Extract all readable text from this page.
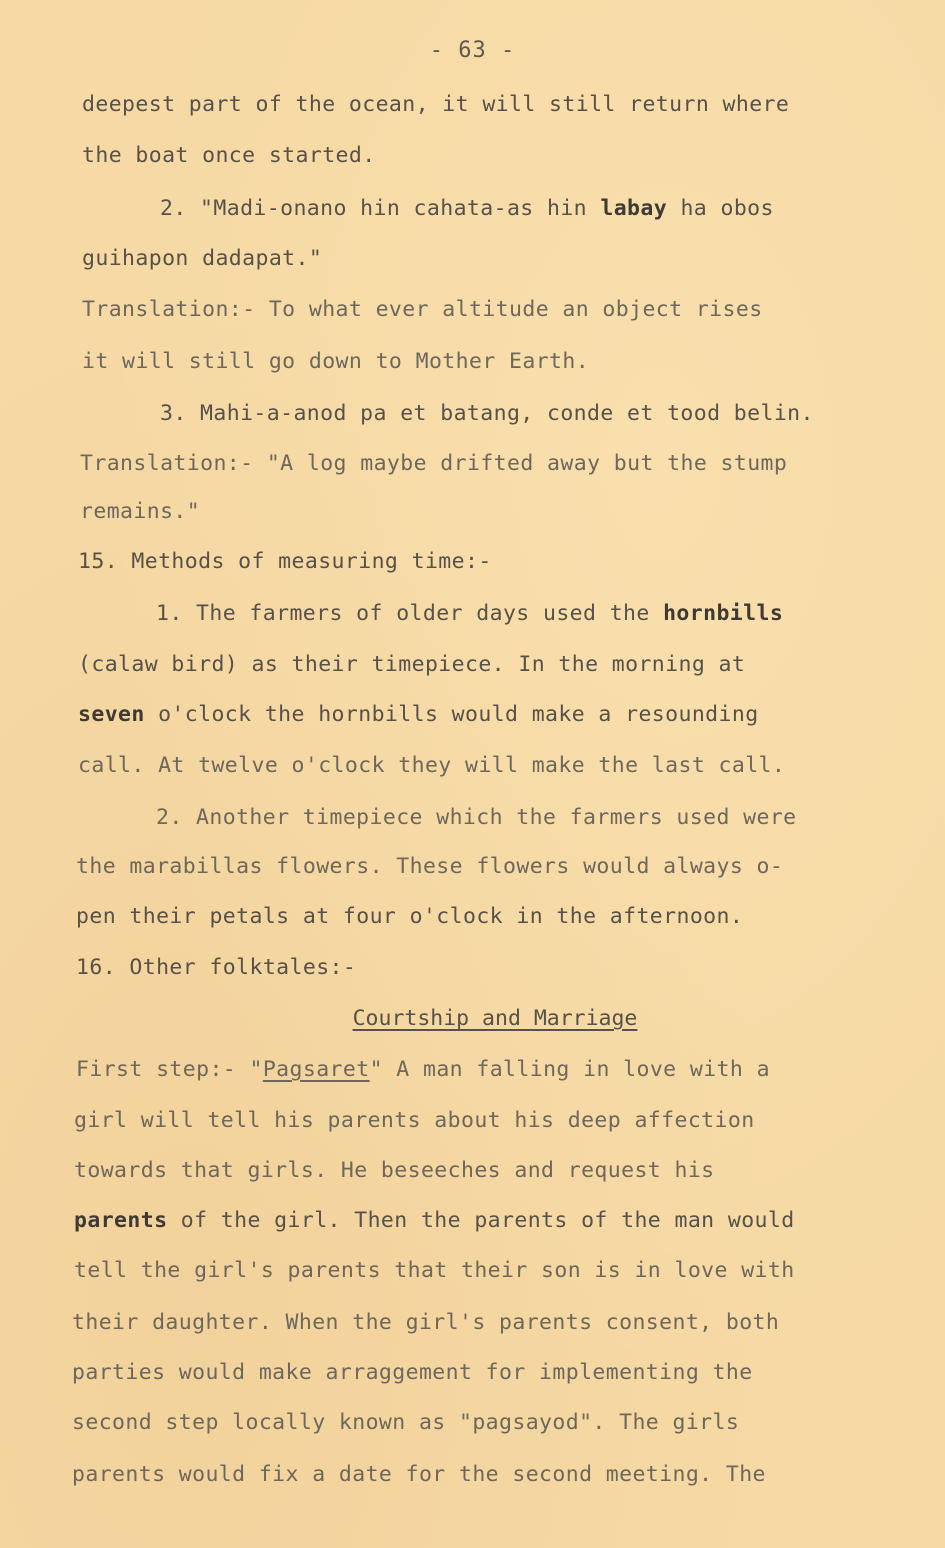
- 63 -
deepest part of the ocean, it will still return where
the boat once started.
2. "Madi-onano hin cahata-as hin labay ha obos
guihapon dadapat."
Translation:- To what ever altitude an object rises
it will still go down to Mother Earth.
3. Mahi-a-anod pa et batang, conde et tood belin.
Translation:- "A log maybe drifted away but the stump
remains."
15. Methods of measuring time:-
1. The farmers of older days used the hornbills
(calaw bird) as their timepiece. In the morning at
seven o'clock the hornbills would make a resounding
call. At twelve o'clock they will make the last call.
2. Another timepiece which the farmers used were
the marabillas flowers. These flowers would always o-
pen their petals at four o'clock in the afternoon.
16. Other folktales:-
Courtship and Marriage
First step:- "Pagsaret" A man falling in love with a
girl will tell his parents about his deep affection
towards that girls. He beseeches and request his
parents of the girl. Then the parents of the man would
tell the girl's parents that their son is in love with
their daughter. When the girl's parents consent, both
parties would make arraggement for implementing the
second step locally known as "pagsayod". The girls
parents would fix a date for the second meeting. The
